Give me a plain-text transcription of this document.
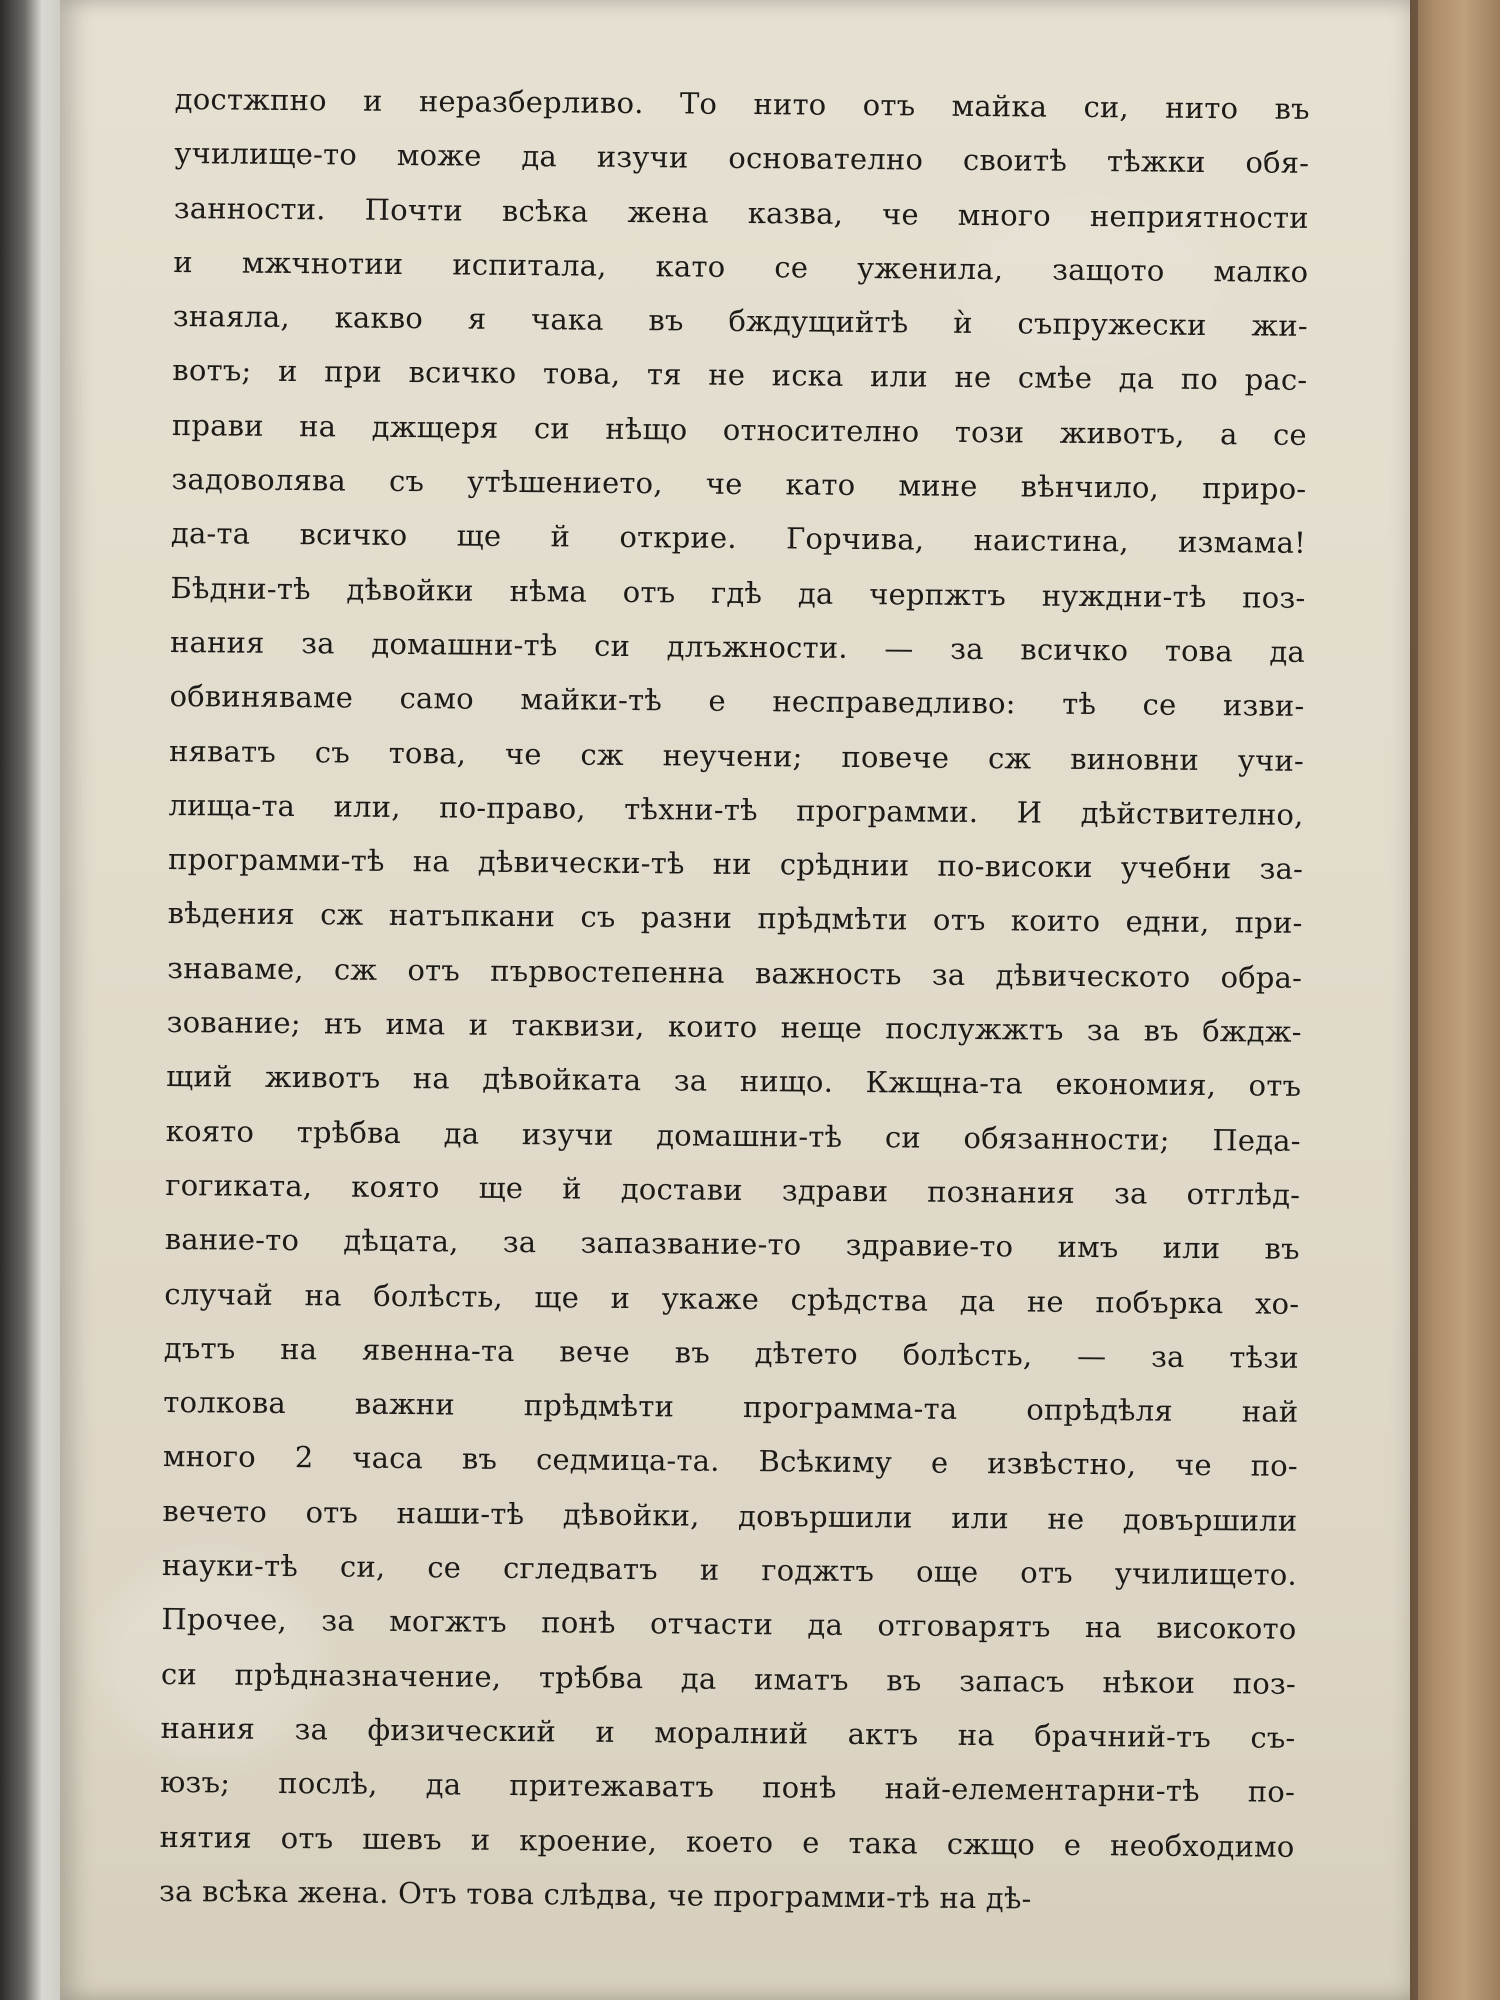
достжпно и неразберливо. То нито отъ майка си, нито въ
училище-то може да изучи основателно своитѣ тѣжки обя-
занности. Почти всѣка жена казва, че много неприятности
и мжчнотии испитала, като се уженила, защото малко
знаяла, какво я чака въ бждущийтѣ ѝ съпружески жи-
вотъ; и при всичко това, тя не иска или не смѣе да по рас-
прави на джщеря си нѣщо относително този животъ, а се
задоволява съ утѣшението, че като мине вѣнчило, приро-
да-та всичко ще й открие. Горчива, наистина, измама!
Бѣдни-тѣ дѣвойки нѣма отъ гдѣ да черпжтъ нуждни-тѣ поз-
нания за домашни-тѣ си длъжности. — за всичко това да
обвиняваме само майки-тѣ е несправедливо: тѣ се изви-
няватъ съ това, че сж неучени; повече сж виновни учи-
лища-та или, по-право, тѣхни-тѣ программи. И дѣйствително,
программи-тѣ на дѣвически-тѣ ни срѣднии по-високи учебни за-
вѣдения сж натъпкани съ разни прѣдмѣти отъ които едни, при-
знаваме, сж отъ първостепенна важность за дѣвическото обра-
зование; нъ има и таквизи, които неще послужжтъ за въ бждж-
щий животъ на дѣвойката за нищо. Кжщна-та економия, отъ
която трѣбва да изучи домашни-тѣ си обязанности; Педа-
гогиката, която ще й достави здрави познания за отглѣд-
вание-то дѣцата, за запазвание-то здравие-то имъ или въ
случай на болѣсть, ще и укаже срѣдства да не побърка хо-
дътъ на явенна-та вече въ дѣтето болѣсть, — за тѣзи
толкова важни прѣдмѣти программа-та опрѣдѣля най
много 2 часа въ седмица-та. Всѣкиму е извѣстно, че по-
вечето отъ наши-тѣ дѣвойки, довършили или не довършили
науки-тѣ си, се сгледватъ и годжтъ още отъ училището.
Прочее, за могжтъ понѣ отчасти да отговарятъ на високото
си прѣдназначение, трѣбва да иматъ въ запасъ нѣкои поз-
нания за физический и моралний актъ на брачний-тъ съ-
юзъ; послѣ, да притежаватъ понѣ най-елементарни-тѣ по-
нятия отъ шевъ и кроение, което е така сжщо е необходимо
за всѣка жена. Отъ това слѣдва, че программи-тѣ на дѣ-
